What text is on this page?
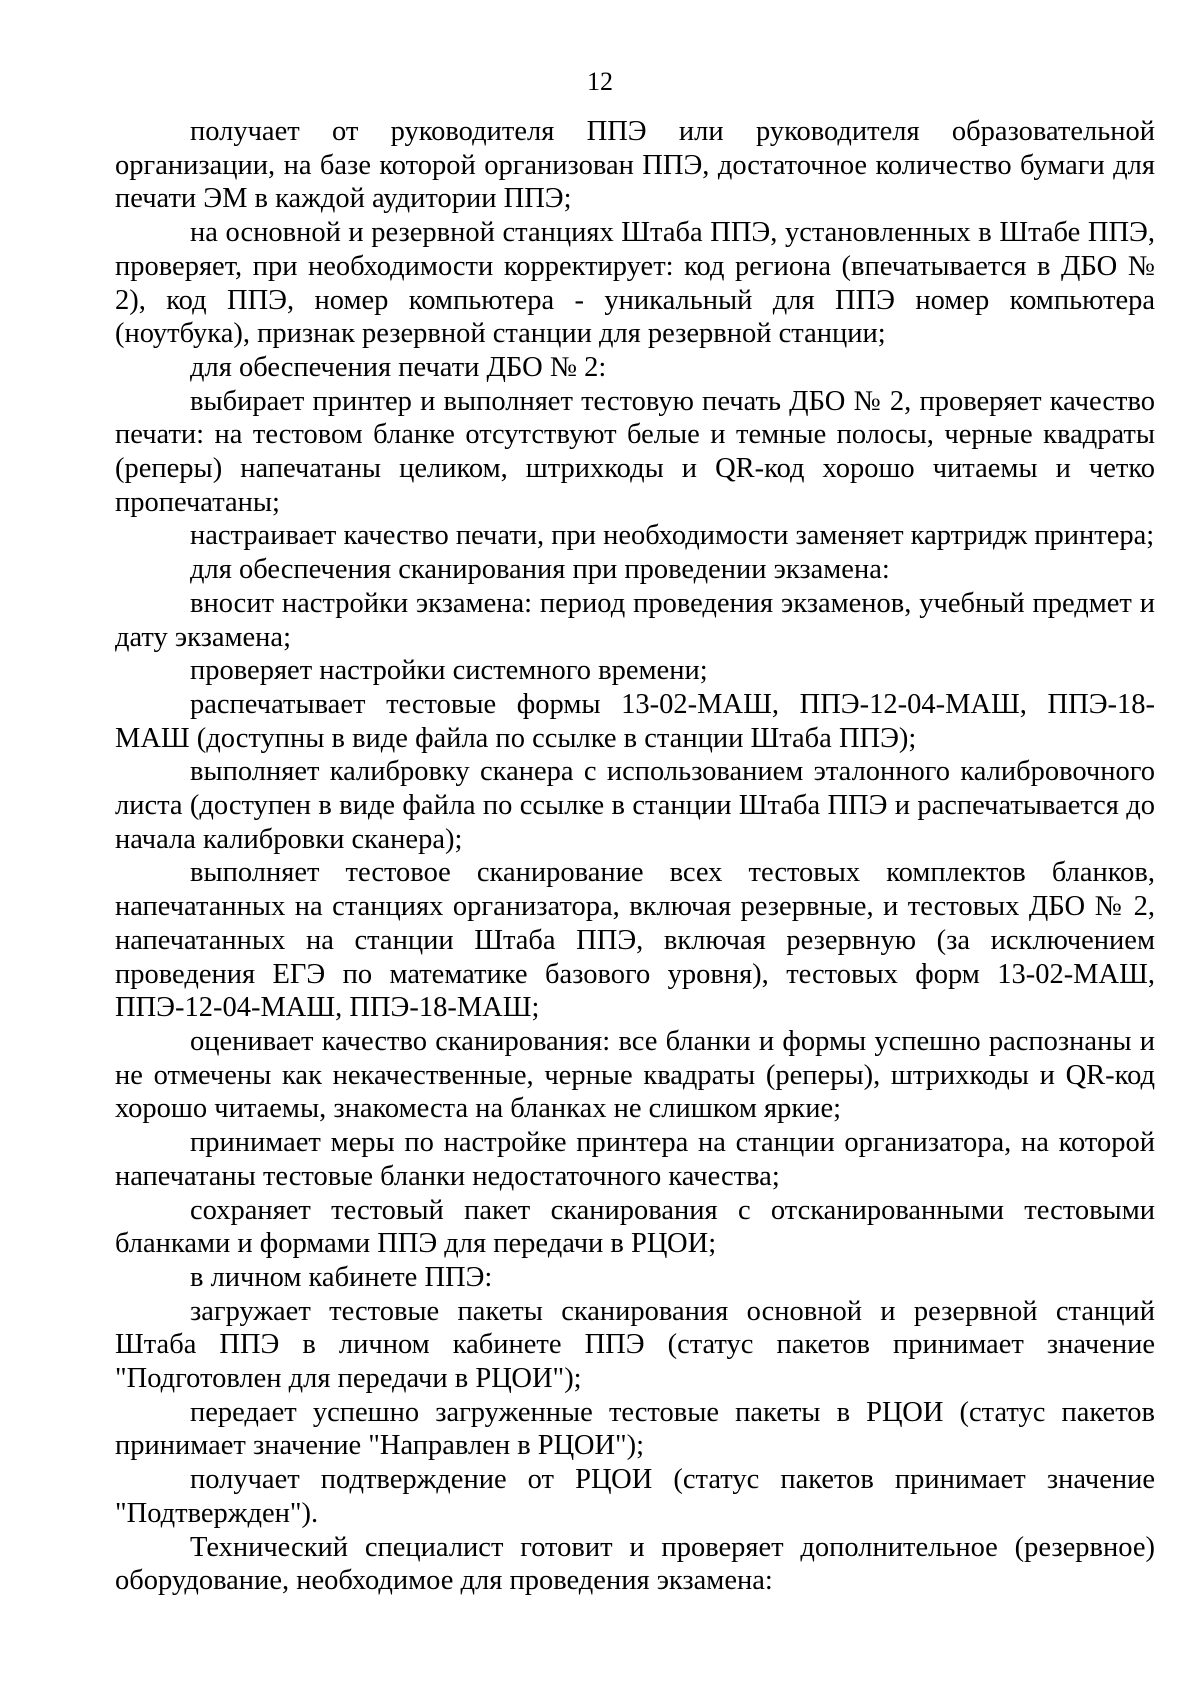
12

получает от руководителя ППЭ или руководителя образовательной организации, на базе которой организован ППЭ, достаточное количество бумаги для печати ЭМ в каждой аудитории ППЭ;

на основной и резервной станциях Штаба ППЭ, установленных в Штабе ППЭ, проверяет, при необходимости корректирует: код региона (впечатывается в ДБО № 2), код ППЭ, номер компьютера - уникальный для ППЭ номер компьютера (ноутбука), признак резервной станции для резервной станции;

для обеспечения печати ДБО № 2:

выбирает принтер и выполняет тестовую печать ДБО № 2, проверяет качество печати: на тестовом бланке отсутствуют белые и темные полосы, черные квадраты (реперы) напечатаны целиком, штрихкоды и QR-код хорошо читаемы и четко пропечатаны;

настраивает качество печати, при необходимости заменяет картридж принтера;

для обеспечения сканирования при проведении экзамена:

вносит настройки экзамена: период проведения экзаменов, учебный предмет и дату экзамена;

проверяет настройки системного времени;

распечатывает тестовые формы 13-02-МАШ, ППЭ-12-04-МАШ, ППЭ-18-МАШ (доступны в виде файла по ссылке в станции Штаба ППЭ);

выполняет калибровку сканера с использованием эталонного калибровочного листа (доступен в виде файла по ссылке в станции Штаба ППЭ и распечатывается до начала калибровки сканера);

выполняет тестовое сканирование всех тестовых комплектов бланков, напечатанных на станциях организатора, включая резервные, и тестовых ДБО № 2, напечатанных на станции Штаба ППЭ, включая резервную (за исключением проведения ЕГЭ по математике базового уровня), тестовых форм 13-02-МАШ, ППЭ-12-04-МАШ, ППЭ-18-МАШ;

оценивает качество сканирования: все бланки и формы успешно распознаны и не отмечены как некачественные, черные квадраты (реперы), штрихкоды и QR-код хорошо читаемы, знакоместа на бланках не слишком яркие;

принимает меры по настройке принтера на станции организатора, на которой напечатаны тестовые бланки недостаточного качества;

сохраняет тестовый пакет сканирования с отсканированными тестовыми бланками и формами ППЭ для передачи в РЦОИ;

в личном кабинете ППЭ:

загружает тестовые пакеты сканирования основной и резервной станций Штаба ППЭ в личном кабинете ППЭ (статус пакетов принимает значение "Подготовлен для передачи в РЦОИ");

передает успешно загруженные тестовые пакеты в РЦОИ (статус пакетов принимает значение "Направлен в РЦОИ");

получает подтверждение от РЦОИ (статус пакетов принимает значение "Подтвержден").

Технический специалист готовит и проверяет дополнительное (резервное) оборудование, необходимое для проведения экзамена:
